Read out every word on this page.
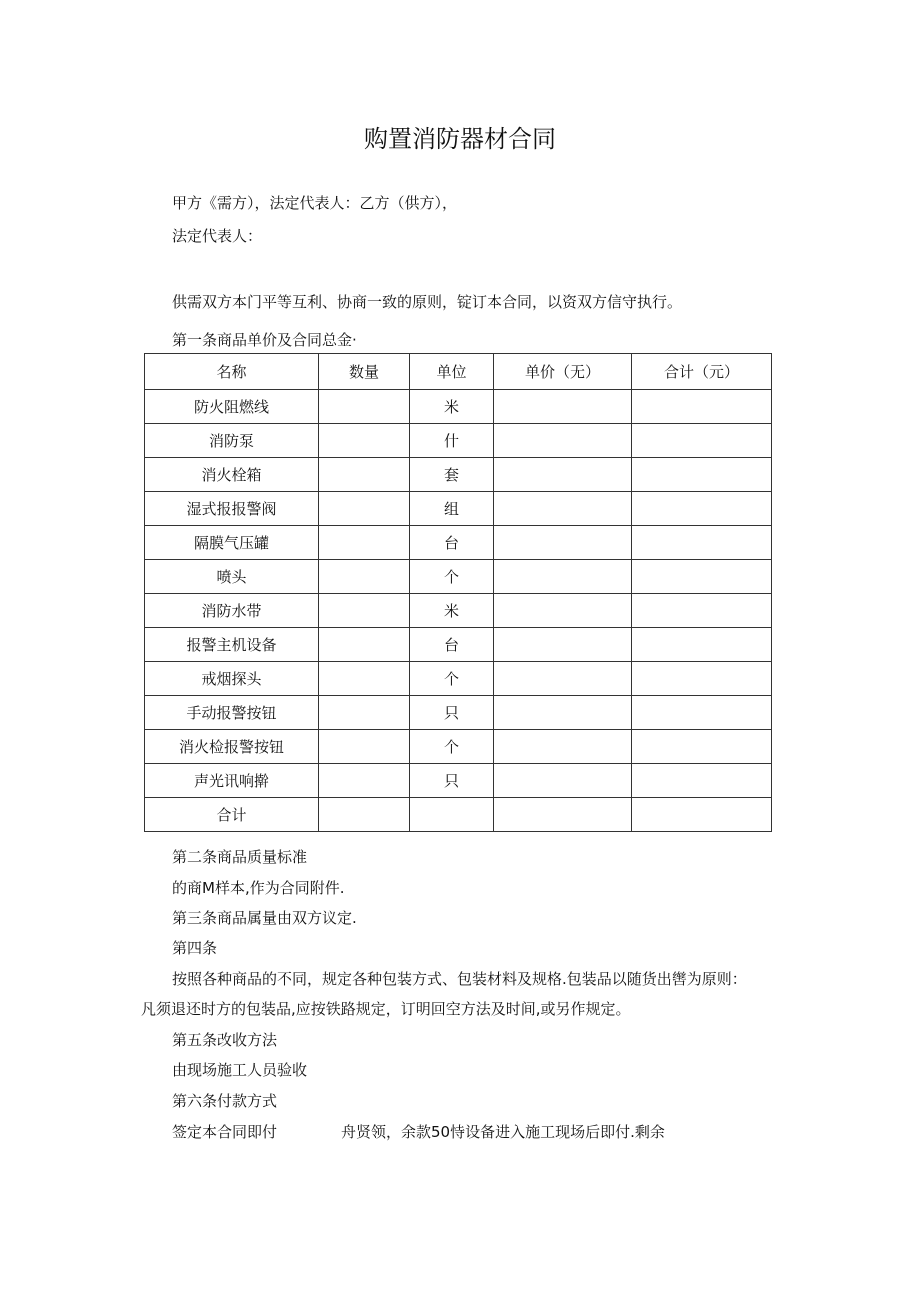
购置消防器材合同
甲方《需方），法定代表人：乙方（供方），
法定代表人：
供需双方本门平等互利、协商一致的原则，锭订本合同，以资双方信守执行。
第一条商品单价及合同总金·
名称	数量	单位	单价（无）	合计（元）
防火阻燃线		米		
消防泵		什		
消火栓箱		套		
湿式报报警阀		组		
隔膜气压罐		台		
喷头		个		
消防水带		米		
报警主机设备		台		
戒烟探头		个		
手动报警按钮		只		
消火检报警按钮		个		
声光讯响擀		只		
合计				
第二条商品质量标准
的商M样本,作为合同附件.
第三条商品属量由双方议定.
第四条
按照各种商品的不同，规定各种包装方式、包装材料及规格.包装品以随货出辔为原则：
凡须退还时方的包装品,应按铁路规定，订明回空方法及时间,或另作规定。
第五条改收方法
由现场施工人员验收
第六条付款方式
签定本合同即付	舟贤领，余款50恃设备进入施工现场后即付.剩余
